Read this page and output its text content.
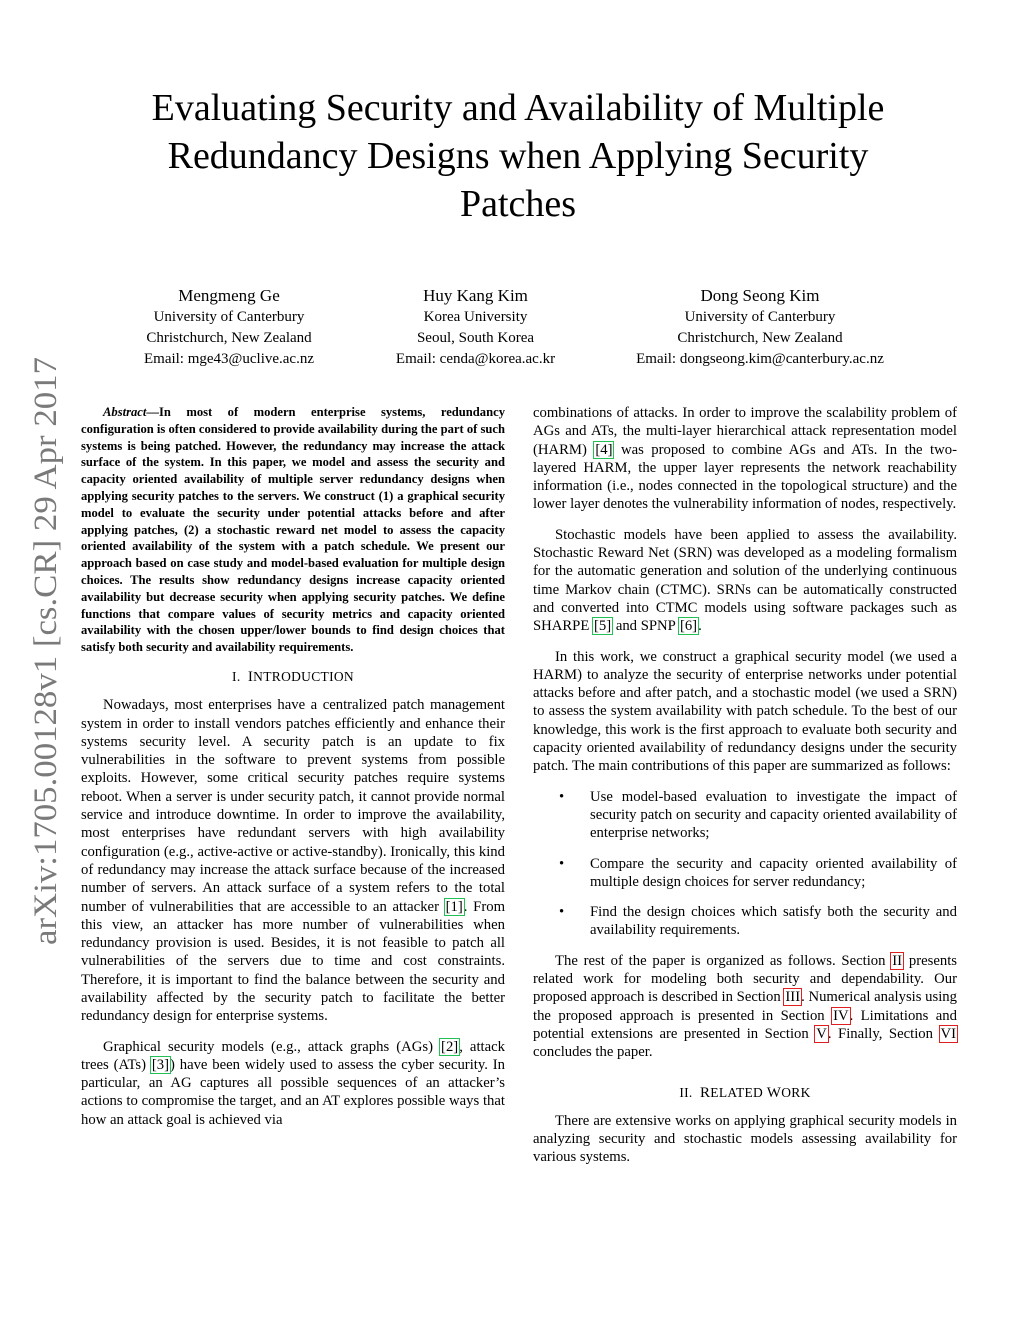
arXiv:1705.00128v1 [cs.CR] 29 Apr 2017
Evaluating Security and Availability of Multiple
Redundancy Designs when Applying Security
Patches
Mengmeng Ge
University of Canterbury
Christchurch, New Zealand
Email: mge43@uclive.ac.nz
Huy Kang Kim
Korea University
Seoul, South Korea
Email: cenda@korea.ac.kr
Dong Seong Kim
University of Canterbury
Christchurch, New Zealand
Email: dongseong.kim@canterbury.ac.nz

Abstract—In most of modern enterprise systems, redundancy configuration is often considered to provide availability during the part of such systems is being patched. However, the redundancy may increase the attack surface of the system. In this paper, we model and assess the security and capacity oriented availability of multiple server redundancy designs when applying security patches to the servers. We construct (1) a graphical security model to evaluate the security under potential attacks before and after applying patches, (2) a stochastic reward net model to assess the capacity oriented availability of the system with a patch schedule. We present our approach based on case study and model-based evaluation for multiple design choices. The results show redundancy designs increase capacity oriented availability but decrease security when applying security patches. We define functions that compare values of security metrics and capacity oriented availability with the chosen upper/lower bounds to find design choices that satisfy both security and availability requirements.

I. INTRODUCTION

Nowadays, most enterprises have a centralized patch management system in order to install vendors patches efficiently and enhance their systems security level. A security patch is an update to fix vulnerabilities in the software to prevent systems from possible exploits. However, some critical security patches require systems reboot. When a server is under security patch, it cannot provide normal service and introduce downtime. In order to improve the availability, most enterprises have redundant servers with high availability configuration (e.g., active-active or active-standby). Ironically, this kind of redundancy may increase the attack surface because of the increased number of servers. An attack surface of a system refers to the total number of vulnerabilities that are accessible to an attacker [1]. From this view, an attacker has more number of vulnerabilities when redundancy provision is used. Besides, it is not feasible to patch all vulnerabilities of the servers due to time and cost constraints. Therefore, it is important to find the balance between the security and availability affected by the security patch to facilitate the better redundancy design for enterprise systems.

Graphical security models (e.g., attack graphs (AGs) [2], attack trees (ATs) [3]) have been widely used to assess the cyber security. In particular, an AG captures all possible sequences of an attacker’s actions to compromise the target, and an AT explores possible ways that how an attack goal is achieved via

combinations of attacks. In order to improve the scalability problem of AGs and ATs, the multi-layer hierarchical attack representation model (HARM) [4] was proposed to combine AGs and ATs. In the two-layered HARM, the upper layer represents the network reachability information (i.e., nodes connected in the topological structure) and the lower layer denotes the vulnerability information of nodes, respectively.

Stochastic models have been applied to assess the availability. Stochastic Reward Net (SRN) was developed as a modeling formalism for the automatic generation and solution of the underlying continuous time Markov chain (CTMC). SRNs can be automatically constructed and converted into CTMC models using software packages such as SHARPE [5] and SPNP [6].

In this work, we construct a graphical security model (we used a HARM) to analyze the security of enterprise networks under potential attacks before and after patch, and a stochastic model (we used a SRN) to assess the system availability with patch schedule. To the best of our knowledge, this work is the first approach to evaluate both security and capacity oriented availability of redundancy designs under the security patch. The main contributions of this paper are summarized as follows:

• Use model-based evaluation to investigate the impact of security patch on security and capacity oriented availability of enterprise networks;
• Compare the security and capacity oriented availability of multiple design choices for server redundancy;
• Find the design choices which satisfy both the security and availability requirements.

The rest of the paper is organized as follows. Section II presents related work for modeling both security and dependability. Our proposed approach is described in Section III. Numerical analysis using the proposed approach is presented in Section IV. Limitations and potential extensions are presented in Section V. Finally, Section VI concludes the paper.

II. RELATED WORK

There are extensive works on applying graphical security models in analyzing security and stochastic models assessing availability for various systems.
